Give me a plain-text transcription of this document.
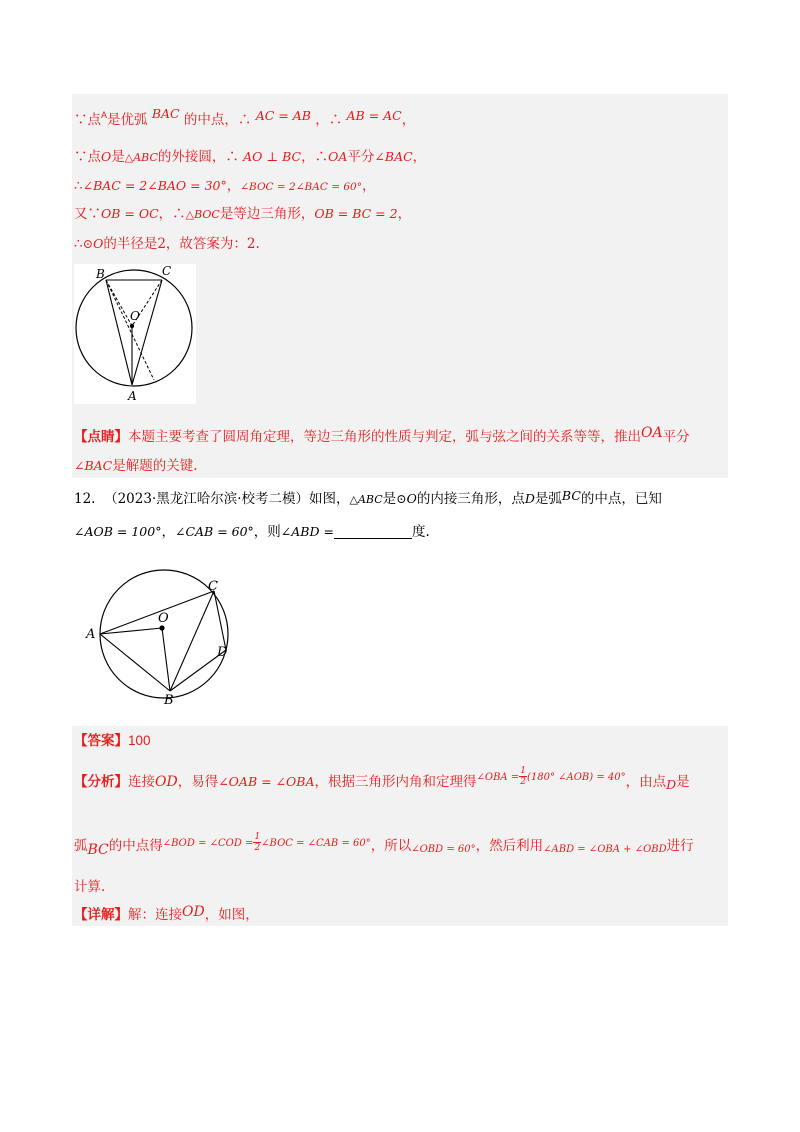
∵点$^A$是优弧 BAC 的中点，∴ AC = AB ，∴ AB = AC，
∵点O是△ABC的外接圆，∴ AO ⊥ BC，∴OA平分∠BAC，
∴∠BAC = 2∠BAO = 30°，∠BOC = 2∠BAC = 60°，
又∵OB = OC，∴△BOC是等边三角形，OB = BC = 2，
∴⊙O的半径是2，故答案为：2.
B	C
O
A
【点睛】本题主要考查了圆周角定理，等边三角形的性质与判定，弧与弦之间的关系等等，推出OA平分
∠BAC是解题的关键.
12. （2023·黑龙江哈尔滨·校考二模）如图，△ABC是⊙O的内接三角形，点D是弧BC的中点，已知
∠AOB = 100°，∠CAB = 60°，则∠ABD =	度.
A
O
C
D
B
【答案】100
【分析】连接OD，易得∠OAB = ∠OBA，根据三角形内角和定理得$^{\angle OBA =} \frac{1}{2} ^{(180^\circ \angle AOB) = 40^\circ}$，由点D是
弧BC的中点得$^{\angle BOD = \angle COD =} \frac{1}{2} ^{\angle BOC = \angle CAB = 60^\circ}$，所以∠OBD = 60°，然后利用∠ABD = ∠OBA + ∠OBD进行
计算.
【详解】解：连接OD，如图，
